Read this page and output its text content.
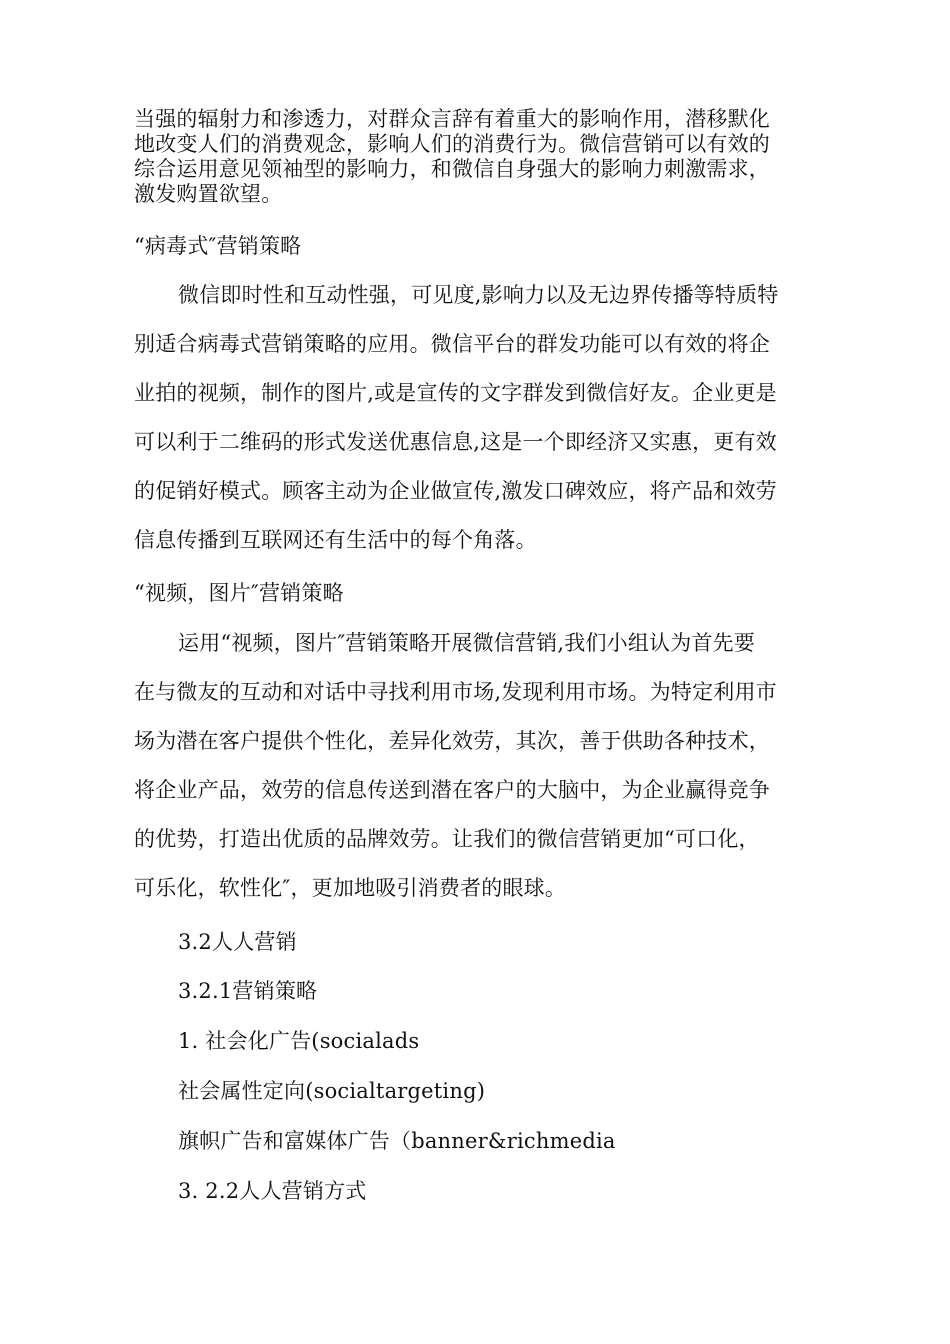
当强的辐射力和渗透力，对群众言辞有着重大的影响作用，潜移默化
地改变人们的消费观念，影响人们的消费行为。微信营销可以有效的
综合运用意见领袖型的影响力，和微信自身强大的影响力刺激需求，
激发购置欲望。
“病毒式″营销策略
微信即时性和互动性强，可见度,影响力以及无边界传播等特质特
别适合病毒式营销策略的应用。微信平台的群发功能可以有效的将企
业拍的视频，制作的图片,或是宣传的文字群发到微信好友。企业更是
可以利于二维码的形式发送优惠信息,这是一个即经济又实惠，更有效
的促销好模式。顾客主动为企业做宣传,激发口碑效应，将产品和效劳
信息传播到互联网还有生活中的每个角落。
“视频，图片″营销策略
运用“视频，图片″营销策略开展微信营销,我们小组认为首先要
在与微友的互动和对话中寻找利用市场,发现利用市场。为特定利用市
场为潜在客户提供个性化，差异化效劳，其次，善于供助各种技术，
将企业产品，效劳的信息传送到潜在客户的大脑中，为企业赢得竞争
的优势，打造出优质的品牌效劳。让我们的微信营销更加“可口化，
可乐化，软性化″，更加地吸引消费者的眼球。
3.2人人营销
3.2.1营销策略
1. 社会化广告(socialads
社会属性定向(socialtargeting)
旗帜广告和富媒体广告（banner&richmedia
3. 2.2人人营销方式
